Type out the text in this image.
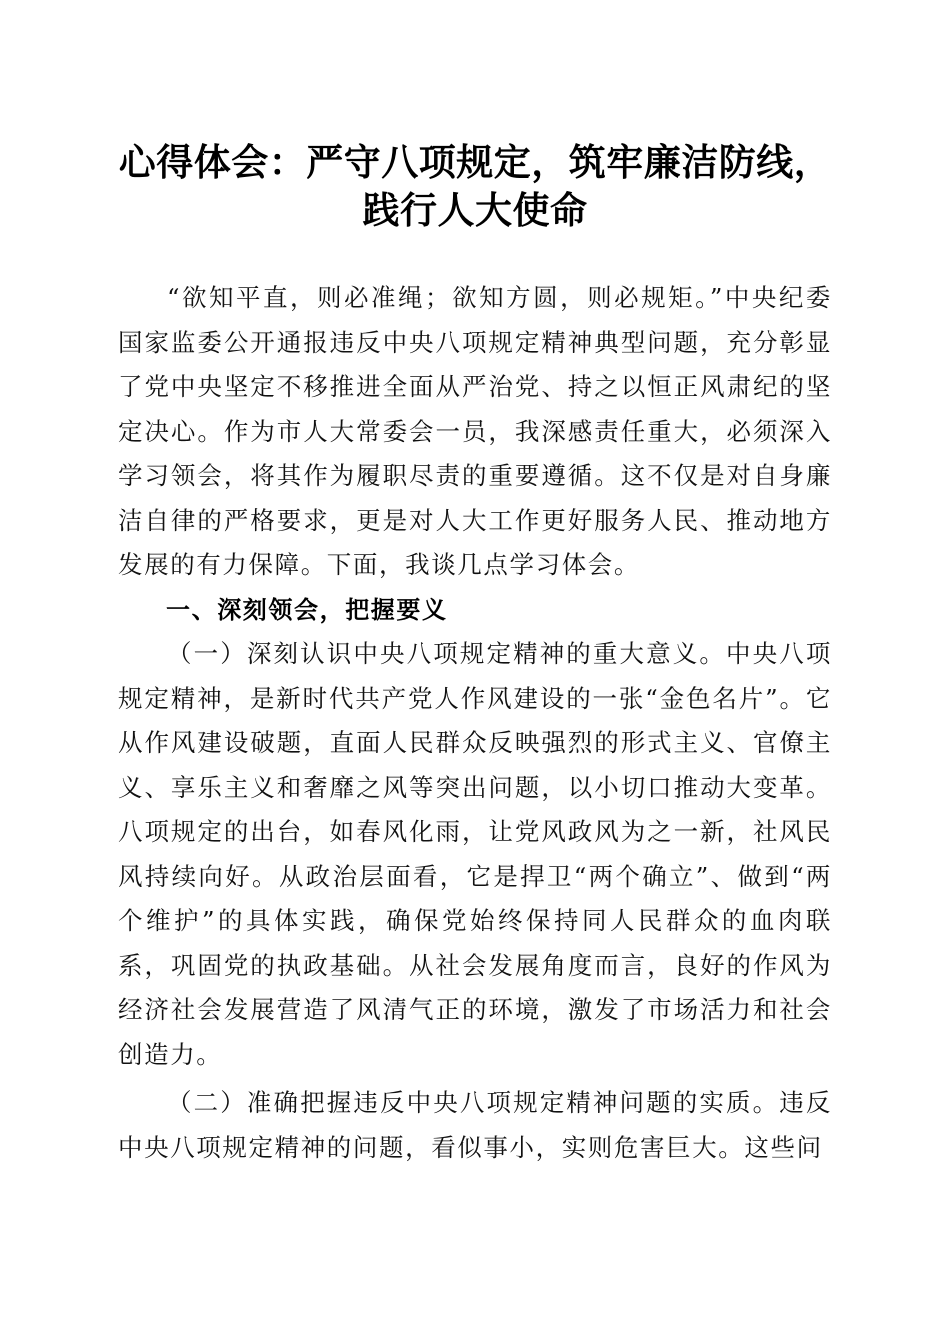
心得体会：严守八项规定，筑牢廉洁防线，践行人大使命

“欲知平直，则必准绳；欲知方圆，则必规矩。”中央纪委国家监委公开通报违反中央八项规定精神典型问题，充分彰显了党中央坚定不移推进全面从严治党、持之以恒正风肃纪的坚定决心。作为市人大常委会一员，我深感责任重大，必须深入学习领会，将其作为履职尽责的重要遵循。这不仅是对自身廉洁自律的严格要求，更是对人大工作更好服务人民、推动地方发展的有力保障。下面，我谈几点学习体会。

一、深刻领会，把握要义

（一）深刻认识中央八项规定精神的重大意义。中央八项规定精神，是新时代共产党人作风建设的一张“金色名片”。它从作风建设破题，直面人民群众反映强烈的形式主义、官僚主义、享乐主义和奢靡之风等突出问题，以小切口推动大变革。八项规定的出台，如春风化雨，让党风政风为之一新，社风民风持续向好。从政治层面看，它是捍卫“两个确立”、做到“两个维护”的具体实践，确保党始终保持同人民群众的血肉联系，巩固党的执政基础。从社会发展角度而言，良好的作风为经济社会发展营造了风清气正的环境，激发了市场活力和社会创造力。

（二）准确把握违反中央八项规定精神问题的实质。违反中央八项规定精神的问题，看似事小，实则危害巨大。这些问
